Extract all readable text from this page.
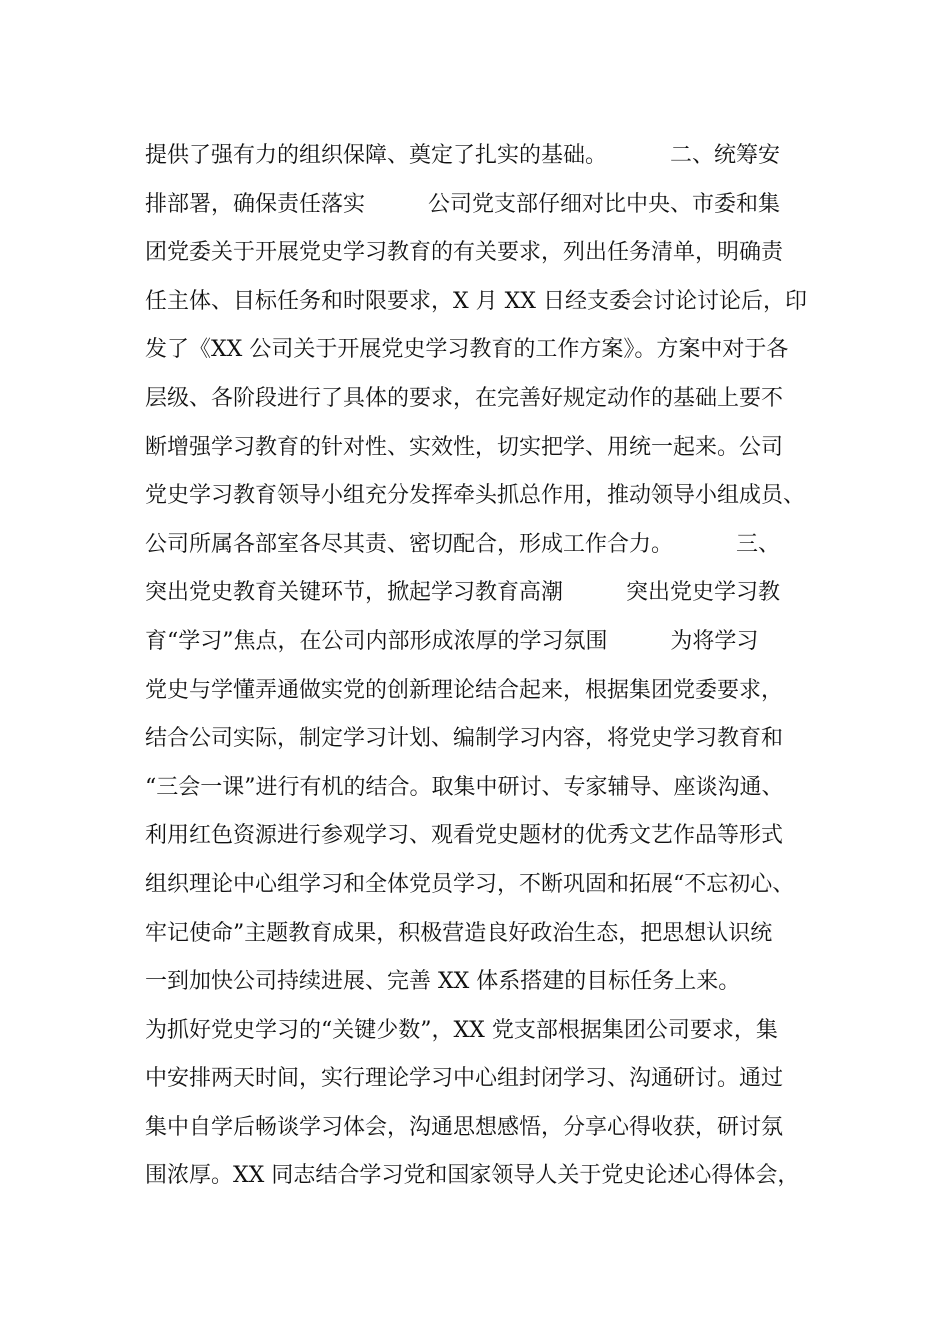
提供了强有力的组织保障、奠定了扎实的基础。         二、统筹安
排部署，确保责任落实         公司党支部仔细对比中央、市委和集
团党委关于开展党史学习教育的有关要求，列出任务清单，明确责
任主体、目标任务和时限要求，X 月 XX 日经支委会讨论讨论后，印
发了《XX 公司关于开展党史学习教育的工作方案》。方案中对于各
层级、各阶段进行了具体的要求，在完善好规定动作的基础上要不
断增强学习教育的针对性、实效性，切实把学、用统一起来。公司
党史学习教育领导小组充分发挥牵头抓总作用，推动领导小组成员、
公司所属各部室各尽其责、密切配合，形成工作合力。         三、
突出党史教育关键环节，掀起学习教育高潮         突出党史学习教
育“学习”焦点，在公司内部形成浓厚的学习氛围         为将学习
党史与学懂弄通做实党的创新理论结合起来，根据集团党委要求，
结合公司实际，制定学习计划、编制学习内容，将党史学习教育和
“三会一课”进行有机的结合。取集中研讨、专家辅导、座谈沟通、
利用红色资源进行参观学习、观看党史题材的优秀文艺作品等形式
组织理论中心组学习和全体党员学习，不断巩固和拓展“不忘初心、
牢记使命”主题教育成果，积极营造良好政治生态，把思想认识统
一到加快公司持续进展、完善 XX 体系搭建的目标任务上来。
为抓好党史学习的“关键少数”，XX 党支部根据集团公司要求，集
中安排两天时间，实行理论学习中心组封闭学习、沟通研讨。通过
集中自学后畅谈学习体会，沟通思想感悟，分享心得收获，研讨氛
围浓厚。XX 同志结合学习党和国家领导人关于党史论述心得体会，
